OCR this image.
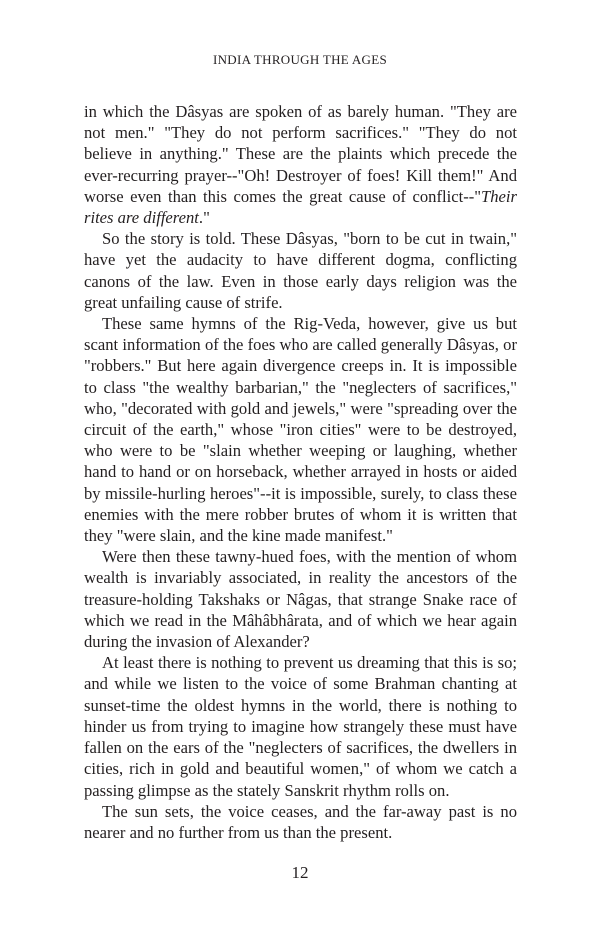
INDIA THROUGH THE AGES

in which the Dâsyas are spoken of as barely human. "They are not men." "They do not perform sacrifices." "They do not believe in anything." These are the plaints which precede the ever-recurring prayer--"Oh! Destroyer of foes! Kill them!" And worse even than this comes the great cause of conflict--"Their rites are different."

So the story is told. These Dâsyas, "born to be cut in twain," have yet the audacity to have different dogma, conflicting canons of the law. Even in those early days religion was the great unfailing cause of strife.

These same hymns of the Rig-Veda, however, give us but scant information of the foes who are called generally Dâsyas, or "robbers." But here again divergence creeps in. It is impossible to class "the wealthy barbarian," the "neglecters of sacrifices," who, "decorated with gold and jewels," were "spreading over the circuit of the earth," whose "iron cities" were to be destroyed, who were to be "slain whether weeping or laughing, whether hand to hand or on horseback, whether arrayed in hosts or aided by missile-hurling heroes"--it is impossible, surely, to class these enemies with the mere robber brutes of whom it is written that they "were slain, and the kine made manifest."

Were then these tawny-hued foes, with the mention of whom wealth is invariably associated, in reality the ancestors of the treasure-holding Takshaks or Nâgas, that strange Snake race of which we read in the Mâhâbhârata, and of which we hear again during the invasion of Alexander?

At least there is nothing to prevent us dreaming that this is so; and while we listen to the voice of some Brahman chanting at sunset-time the oldest hymns in the world, there is nothing to hinder us from trying to imagine how strangely these must have fallen on the ears of the "neglecters of sacrifices, the dwellers in cities, rich in gold and beautiful women," of whom we catch a passing glimpse as the stately Sanskrit rhythm rolls on.

The sun sets, the voice ceases, and the far-away past is no nearer and no further from us than the present.

12
